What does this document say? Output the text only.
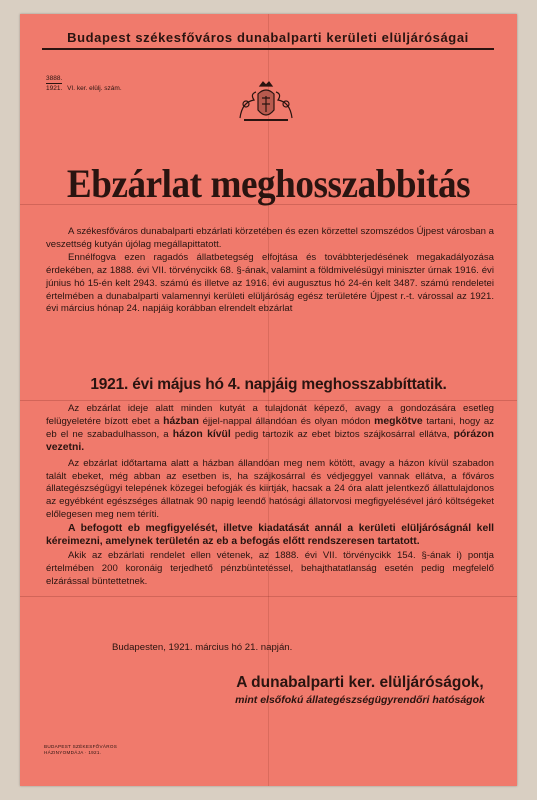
Budapest székesfőváros dunabalparti kerületi elüljáróságai
3888.
1921. VI. ker. elülj. szám.
Ebzárlat meghosszabbitás

A székesfőváros dunabalparti ebzárlati körzetében és ezen körzettel szomszédos Újpest városban a veszettség kutyán újólag megállapittatott.

Ennélfogva ezen ragadós állatbetegség elfojtása és továbbterjedésének megakadályozása érdekében, az 1888. évi VII. törvénycikk 68. §-ának, valamint a földmivelésügyi miniszter úrnak 1916. évi június hó 15-én kelt 2943. számú és illetve az 1916. évi augusztus hó 24-én kelt 3487. számú rendeletei értelmében a dunabalparti valamennyi kerületi elüljáróság egész területére Újpest r.-t. várossal az 1921. évi március hónap 24. napjáig korábban elrendelt ebzárlat

1921. évi május hó 4. napjáig meghosszabbíttatik.

Az ebzárlat ideje alatt minden kutyát a tulajdonát képező, avagy a gondozására esetleg felügyeletére bízott ebet a házban éjjel-nappal állandóan és olyan módon megkötve tartani, hogy az eb el ne szabadulhasson, a házon kívül pedig tartozik az ebet biztos szájkosárral ellátva, pórázon vezetni.

Az ebzárlat időtartama alatt a házban állandóan meg nem kötött, avagy a házon kívül szabadon talált ebeket, még abban az esetben is, ha szájkosárral és védjeggyel vannak ellátva, a főváros állategészségügyi telepének közegei befogják és kiirtják, hacsak a 24 óra alatt jelentkező állattulajdonos az egyébként egészséges állatnak 90 napig leendő hatósági állatorvosi megfigyelésével járó költségeket előlegesen meg nem téríti.

A befogott eb megfigyelését, illetve kiadatását annál a kerületi elüljáróságnál kell kéreimezni, amelynek területén az eb a befogás előtt rendszeresen tartatott.

Akik az ebzárlati rendelet ellen vétenek, az 1888. évi VII. törvénycikk 154. §-ának i) pontja értelmében 200 koronáig terjedhető pénzbüntetéssel, behajthatatlanság esetén pedig megfelelő elzárással büntettetnek.

Budapesten, 1921. március hó 21. napján.
A dunabalparti ker. elüljáróságok,
mint elsőfokú állategészségügyrendőri hatóságok
BUDAPEST SZÉKESFŐVÁROS
HÁZINYOMDÁJA · 1921.
